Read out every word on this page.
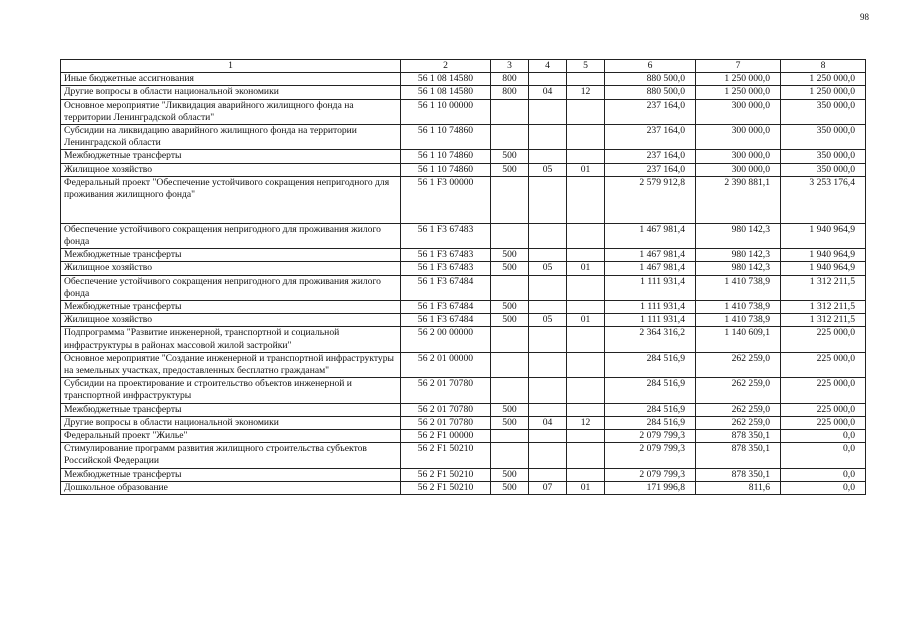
98
1	2	3	4	5	6	7	8
Иные бюджетные ассигнования	56 1 08 14580	800			880 500,0	1 250 000,0	1 250 000,0
Другие вопросы в области национальной экономики	56 1 08 14580	800	04	12	880 500,0	1 250 000,0	1 250 000,0
Основное мероприятие "Ликвидация аварийного жилищного фонда на территории Ленинградской области"	56 1 10 00000				237 164,0	300 000,0	350 000,0
Субсидии на ликвидацию аварийного жилищного фонда на территории Ленинградской области	56 1 10 74860				237 164,0	300 000,0	350 000,0
Межбюджетные трансферты	56 1 10 74860	500			237 164,0	300 000,0	350 000,0
Жилищное хозяйство	56 1 10 74860	500	05	01	237 164,0	300 000,0	350 000,0
Федеральный проект "Обеспечение устойчивого сокращения непригодного для проживания жилищного фонда"	56 1 F3 00000				2 579 912,8	2 390 881,1	3 253 176,4
Обеспечение устойчивого сокращения непригодного для проживания жилого фонда	56 1 F3 67483				1 467 981,4	980 142,3	1 940 964,9
Межбюджетные трансферты	56 1 F3 67483	500			1 467 981,4	980 142,3	1 940 964,9
Жилищное хозяйство	56 1 F3 67483	500	05	01	1 467 981,4	980 142,3	1 940 964,9
Обеспечение устойчивого сокращения непригодного для проживания жилого фонда	56 1 F3 67484				1 111 931,4	1 410 738,9	1 312 211,5
Межбюджетные трансферты	56 1 F3 67484	500			1 111 931,4	1 410 738,9	1 312 211,5
Жилищное хозяйство	56 1 F3 67484	500	05	01	1 111 931,4	1 410 738,9	1 312 211,5
Подпрограмма "Развитие инженерной, транспортной и социальной инфраструктуры в районах массовой жилой застройки"	56 2 00 00000				2 364 316,2	1 140 609,1	225 000,0
Основное мероприятие "Создание инженерной и транспортной инфраструктуры на земельных участках, предоставленных бесплатно гражданам"	56 2 01 00000				284 516,9	262 259,0	225 000,0
Субсидии на проектирование и строительство объектов инженерной и транспортной инфраструктуры	56 2 01 70780				284 516,9	262 259,0	225 000,0
Межбюджетные трансферты	56 2 01 70780	500			284 516,9	262 259,0	225 000,0
Другие вопросы в области национальной экономики	56 2 01 70780	500	04	12	284 516,9	262 259,0	225 000,0
Федеральный проект "Жилье"	56 2 F1 00000				2 079 799,3	878 350,1	0,0
Стимулирование программ развития жилищного строительства субъектов Российской Федерации	56 2 F1 50210				2 079 799,3	878 350,1	0,0
Межбюджетные трансферты	56 2 F1 50210	500			2 079 799,3	878 350,1	0,0
Дошкольное образование	56 2 F1 50210	500	07	01	171 996,8	811,6	0,0
